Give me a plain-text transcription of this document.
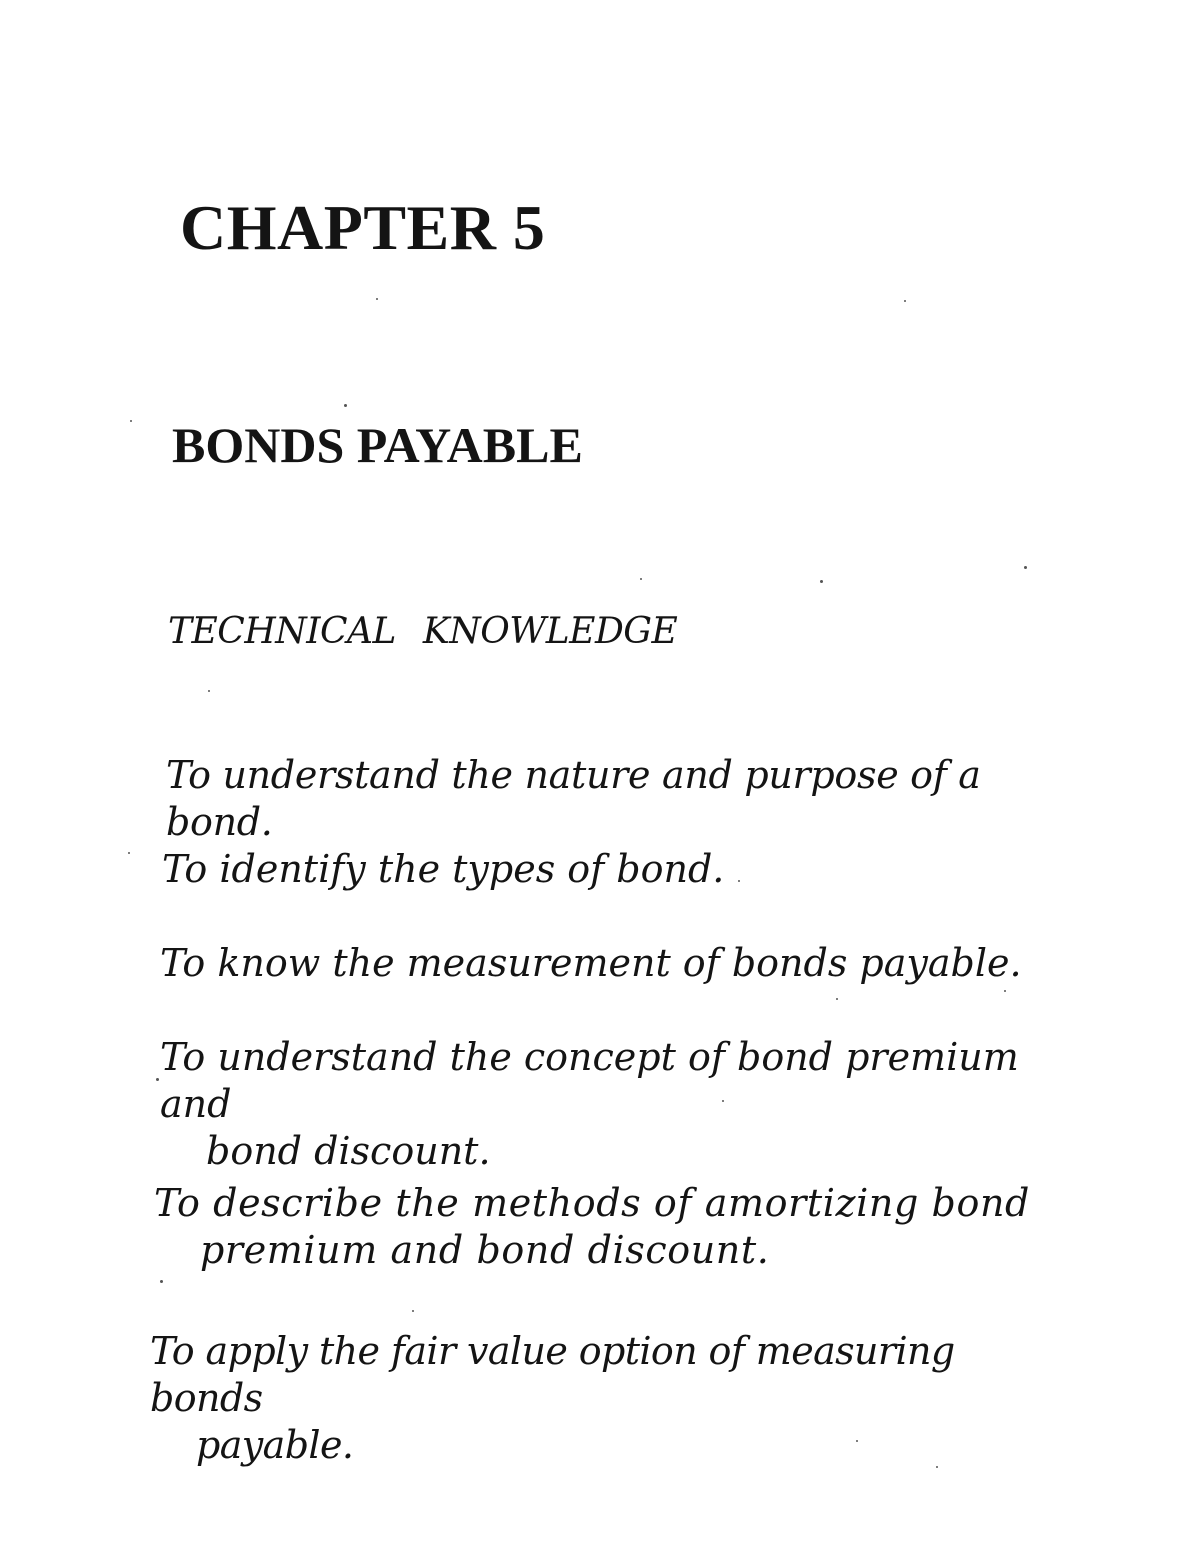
CHAPTER 5
BONDS PAYABLE
TECHNICAL KNOWLEDGE

To understand the nature and purpose of a bond.

To identify the types of bond.

To know the measurement of bonds payable.

To understand the concept of bond premium and
bond discount.

To describe the methods of amortizing bond
premium and bond discount.

To apply the fair value option of measuring bonds
payable.
